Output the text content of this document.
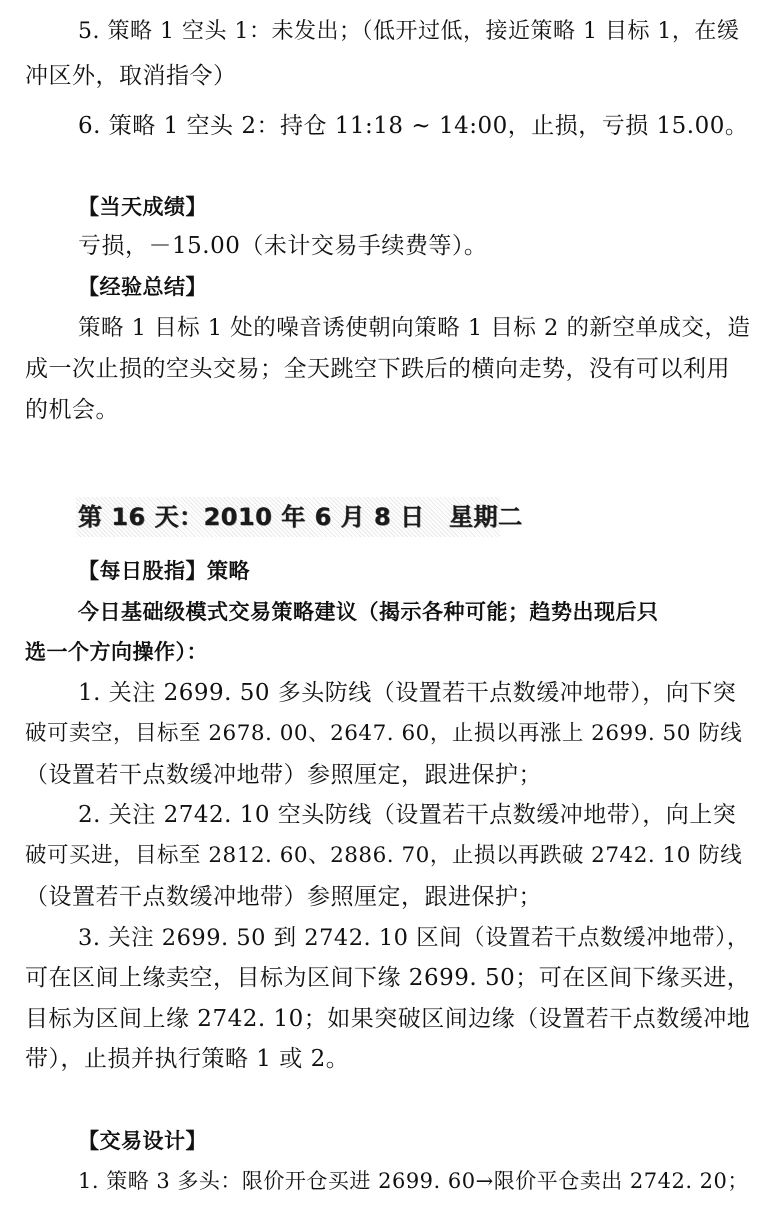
5. 策略 1 空头 1：未发出；（低开过低，接近策略 1 目标 1，在缓
冲区外，取消指令）
6. 策略 1 空头 2：持仓 11:18 ~ 14:00，止损，亏损 15.00。
【当天成绩】
亏损，－15.00（未计交易手续费等）。
【经验总结】
策略 1 目标 1 处的噪音诱使朝向策略 1 目标 2 的新空单成交，造
成一次止损的空头交易；全天跳空下跌后的横向走势，没有可以利用
的机会。
第 16 天：2010 年 6 月 8 日　星期二
【每日股指】策略
今日基础级模式交易策略建议（揭示各种可能；趋势出现后只
选一个方向操作）：
1. 关注 2699. 50 多头防线（设置若干点数缓冲地带），向下突
破可卖空，目标至 2678. 00、2647. 60，止损以再涨上 2699. 50 防线
（设置若干点数缓冲地带）参照厘定，跟进保护；
2. 关注 2742. 10 空头防线（设置若干点数缓冲地带），向上突
破可买进，目标至 2812. 60、2886. 70，止损以再跌破 2742. 10 防线
（设置若干点数缓冲地带）参照厘定，跟进保护；
3. 关注 2699. 50 到 2742. 10 区间（设置若干点数缓冲地带），
可在区间上缘卖空，目标为区间下缘 2699. 50；可在区间下缘买进，
目标为区间上缘 2742. 10；如果突破区间边缘（设置若干点数缓冲地
带），止损并执行策略 1 或 2。
【交易设计】
1. 策略 3 多头：限价开仓买进 2699. 60→限价平仓卖出 2742. 20；
